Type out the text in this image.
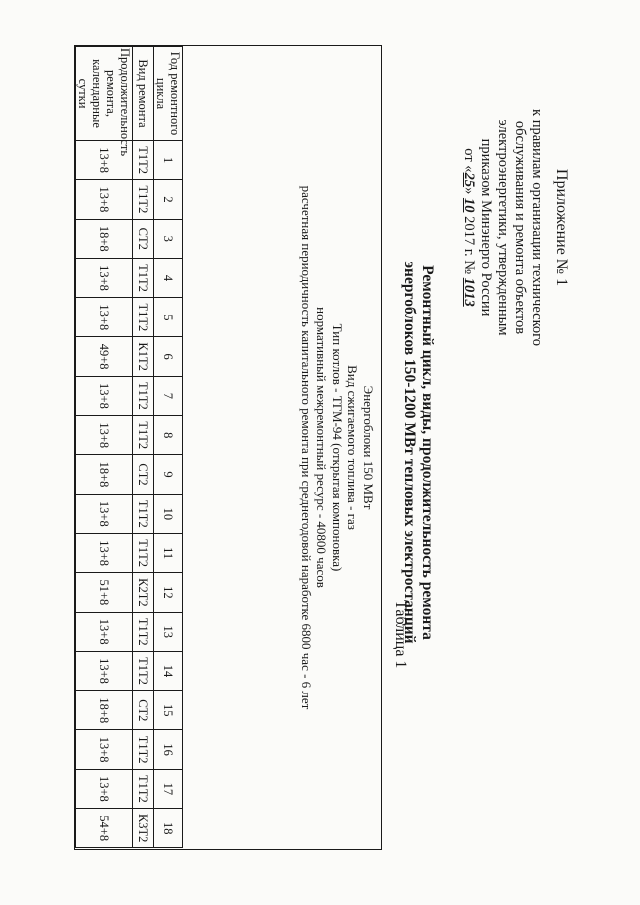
Приложение № 1
к правилам организации технического
обслуживания и ремонта объектов
электроэнергетики, утвержденным
приказом Минэнерго России
от «25» 10 2017 г. № 1013
Таблица 1 Ремонтный цикл, виды, продолжительность ремонта
энергоблоков 150-1200 МВт тепловых электростанций
Энергоблоки 150 МВт
Вид сжигаемого топлива - газ
Тип котлов - ТГМ-94 (открытая компоновка)
нормативный межремонтный ресурс - 40800 часов
расчетная периодичность капитального ремонта при среднегодовой наработке 6800 час - 6 лет
Год ремонтного цикла	1	2	3	4	5	6	7	8	9	10	11	12	13	14	15	16	17	18
Вид ремонта	Т1Т2	Т1Т2	СТ2	Т1Т2	Т1Т2	К1Т2	Т1Т2	Т1Т2	СТ2	Т1Т2	Т1Т2	К2Т2	Т1Т2	Т1Т2	СТ2	Т1Т2	Т1Т2	К3Т2
Продолжительность ремонта, календарные сутки	13+8	13+8	18+8	13+8	13+8	49+8	13+8	13+8	18+8	13+8	13+8	51+8	13+8	13+8	18+8	13+8	13+8	54+8
